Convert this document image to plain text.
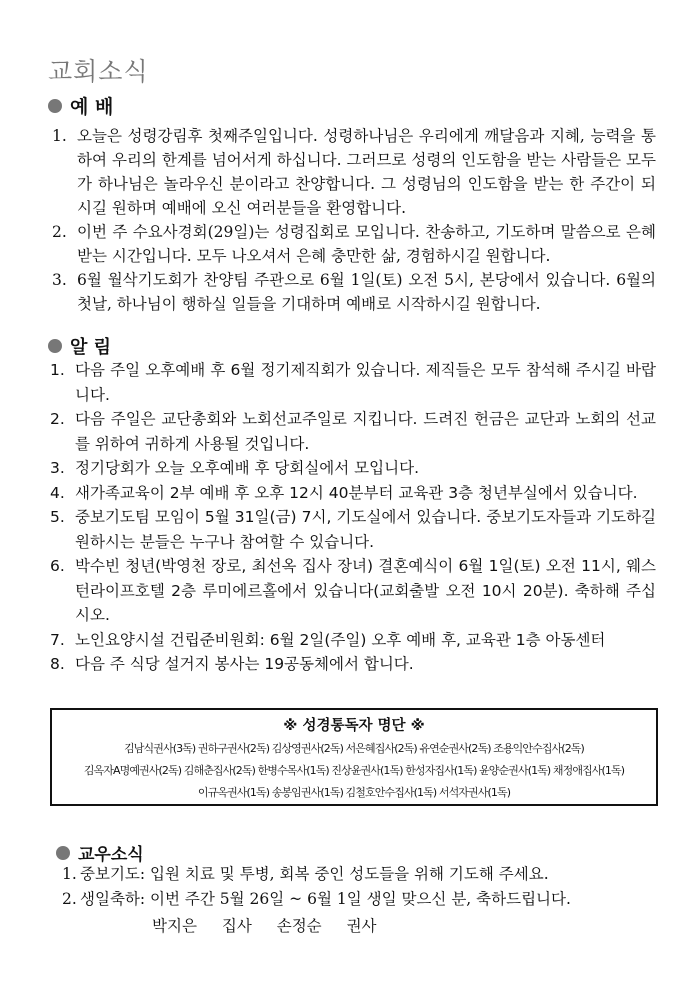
교회소식
예 배
1. 오늘은 성령강림후 첫째주일입니다. 성령하나님은 우리에게 깨달음과 지혜, 능력을 통하여 우리의 한계를 넘어서게 하십니다. 그러므로 성령의 인도함을 받는 사람들은 모두가 하나님은 놀라우신 분이라고 찬양합니다. 그 성령님의 인도함을 받는 한 주간이 되시길 원하며 예배에 오신 여러분들을 환영합니다.
2. 이번 주 수요사경회(29일)는 성령집회로 모입니다. 찬송하고, 기도하며 말씀으로 은혜받는 시간입니다. 모두 나오셔서 은혜 충만한 삶, 경험하시길 원합니다.
3. 6월 월삭기도회가 찬양팀 주관으로 6월 1일(토) 오전 5시, 본당에서 있습니다. 6월의 첫날, 하나님이 행하실 일들을 기대하며 예배로 시작하시길 원합니다.
알 림
1. 다음 주일 오후예배 후 6월 정기제직회가 있습니다. 제직들은 모두 참석해 주시길 바랍니다.
2. 다음 주일은 교단총회와 노회선교주일로 지킵니다. 드려진 헌금은 교단과 노회의 선교를 위하여 귀하게 사용될 것입니다.
3. 정기당회가 오늘 오후예배 후 당회실에서 모입니다.
4. 새가족교육이 2부 예배 후 오후 12시 40분부터 교육관 3층 청년부실에서 있습니다.
5. 중보기도팀 모임이 5월 31일(금) 7시, 기도실에서 있습니다. 중보기도자들과 기도하길 원하시는 분들은 누구나 참여할 수 있습니다.
6. 박수빈 청년(박영천 장로, 최선옥 집사 장녀) 결혼예식이 6월 1일(토) 오전 11시, 웨스턴라이프호텔 2층 루미에르홀에서 있습니다(교회출발 오전 10시 20분). 축하해 주십시오.
7. 노인요양시설 건립준비원회: 6월 2일(주일) 오후 예배 후, 교육관 1층 아동센터
8. 다음 주 식당 설거지 봉사는 19공동체에서 합니다.
※ 성경통독자 명단 ※
김남식권사(3독) 권하구권사(2독) 김상영권사(2독) 서은혜집사(2독) 유연순권사(2독) 조용익안수집사(2독)
김옥자A명예권사(2독) 김해춘집사(2독) 한병수목사(1독) 진상윤권사(1독) 한성자집사(1독) 윤양순권사(1독) 채정애집사(1독)
이규옥권사(1독) 송봉임권사(1독) 김철호안수집사(1독) 서석자권사(1독)
교우소식
1. 중보기도: 입원 치료 및 투병, 회복 중인 성도들을 위해 기도해 주세요.
2. 생일축하: 이번 주간 5월 26일 ~ 6월 1일 생일 맞으신 분, 축하드립니다.
박지은 집사 손정순 권사
